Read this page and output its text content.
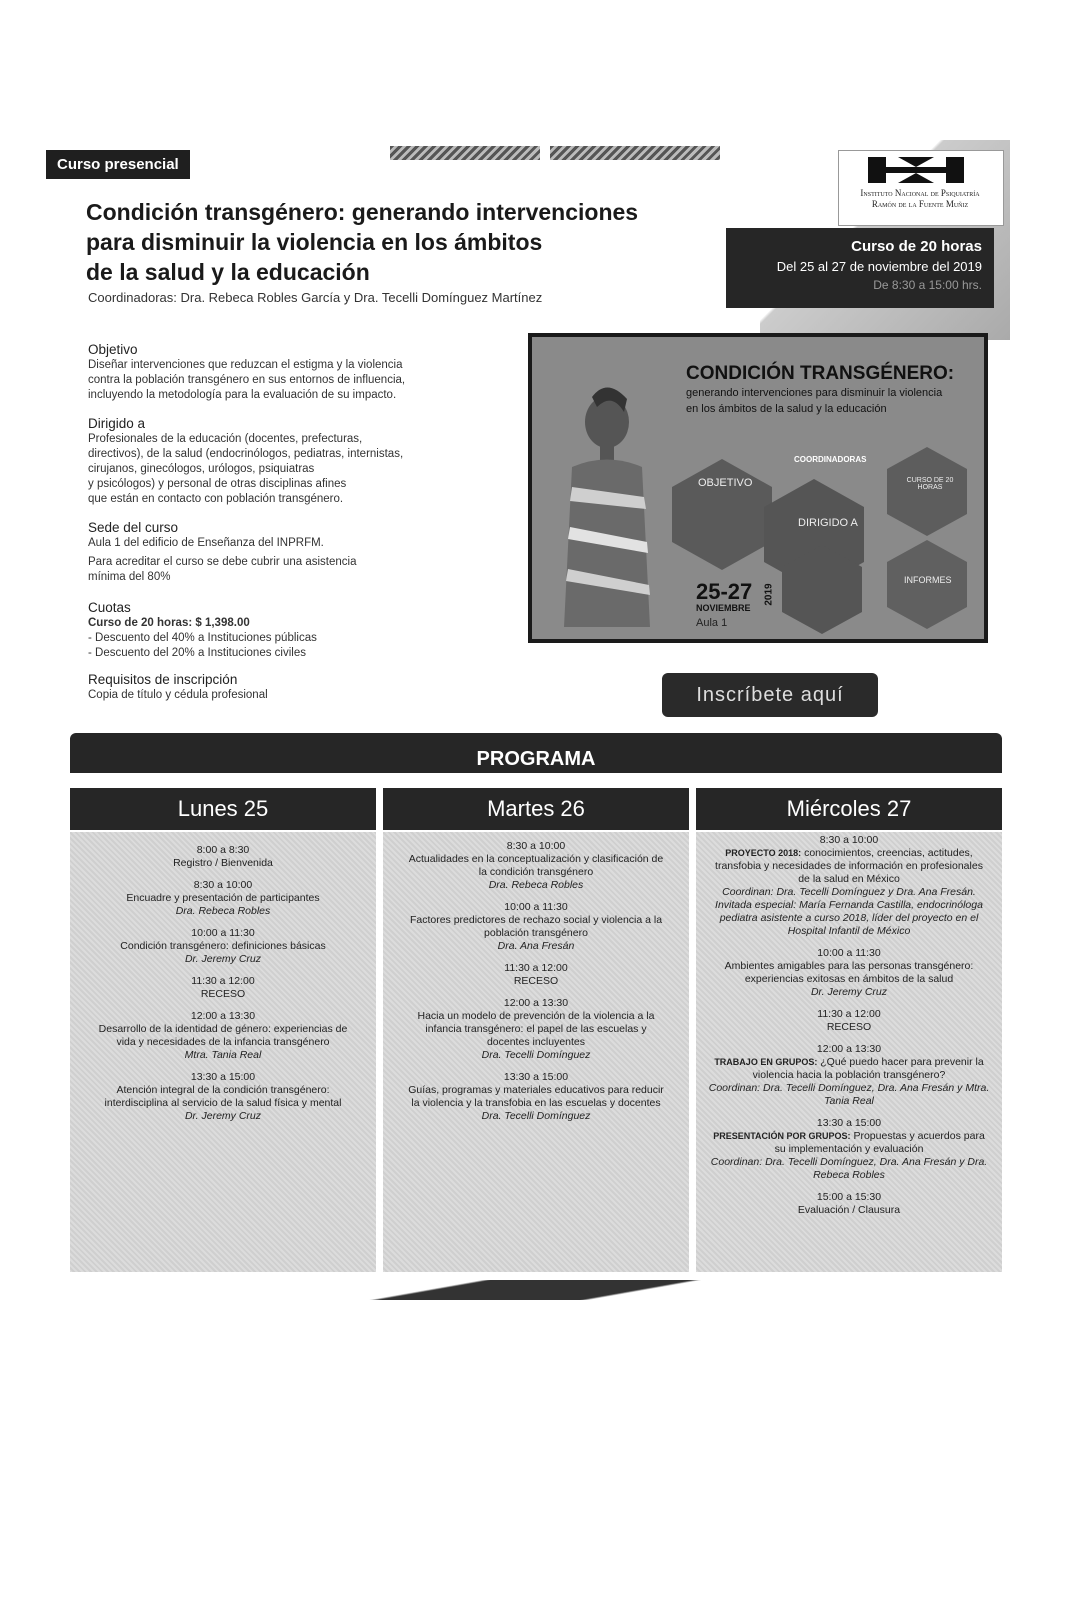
Curso presencial
Condición transgénero: generando intervenciones
para disminuir la violencia en los ámbitos
de la salud y la educación
Coordinadoras: Dra. Rebeca Robles García y Dra. Tecelli Domínguez Martínez
Instituto Nacional de Psiquiatría
Ramón de la Fuente Muñiz
Curso de 20 horas
Del 25 al 27 de noviembre del 2019
De 8:30 a 15:00 hrs.
Objetivo
Diseñar intervenciones que reduzcan el estigma y la violencia
contra la población transgénero en sus entornos de influencia,
incluyendo la metodología para la evaluación de su impacto.
Dirigido a
Profesionales de la educación (docentes, prefecturas,
directivos), de la salud (endocrinólogos, pediatras, internistas,
cirujanos, ginecólogos, urólogos, psiquiatras
y psicólogos) y personal de otras disciplinas afines
que están en contacto con población transgénero.
Sede del curso
Aula 1 del edificio de Enseñanza del INPRFM.
Para acreditar el curso se debe cubrir una asistencia
mínima del 80%
Cuotas
Curso de 20 horas: $ 1,398.00
- Descuento del 40% a Instituciones públicas
- Descuento del 20% a Instituciones civiles
Requisitos de inscripción
Copia de título y cédula profesional
CONDICIÓN TRANSGÉNERO:
generando intervenciones para disminuir la violencia
en los ámbitos de la salud y la educación
OBJETIVO
COORDINADORAS
DIRIGIDO A
CURSO DE 20 HORAS
INFORMES
25-27
NOVIEMBRE
Aula 1
2019
Inscríbete aquí
PROGRAMA
Lunes 25	Martes 26	Miércoles 27
8:00 a 8:30
Registro / Bienvenida
8:30 a 10:00
Encuadre y presentación de participantes
Dra. Rebeca Robles
10:00 a 11:30
Condición transgénero: definiciones básicas
Dr. Jeremy Cruz
11:30 a 12:00
RECESO
12:00 a 13:30
Desarrollo de la identidad de género: experiencias de vida y necesidades de la infancia transgénero
Mtra. Tania Real
13:30 a 15:00
Atención integral de la condición transgénero: interdisciplina al servicio de la salud física y mental
Dr. Jeremy Cruz
8:30 a 10:00
Actualidades en la conceptualización y clasificación de la condición transgénero
Dra. Rebeca Robles
10:00 a 11:30
Factores predictores de rechazo social y violencia a la población transgénero
Dra. Ana Fresán
11:30 a 12:00
RECESO
12:00 a 13:30
Hacia un modelo de prevención de la violencia a la infancia transgénero: el papel de las escuelas y docentes incluyentes
Dra. Tecelli Domínguez
13:30 a 15:00
Guías, programas y materiales educativos para reducir la violencia y la transfobia en las escuelas y docentes
Dra. Tecelli Domínguez
8:30 a 10:00
PROYECTO 2018: conocimientos, creencias, actitudes, transfobia y necesidades de información en profesionales de la salud en México
Coordinan: Dra. Tecelli Domínguez y Dra. Ana Fresán. Invitada especial: María Fernanda Castilla, endocrinóloga pediatra asistente a curso 2018, líder del proyecto en el Hospital Infantil de México
10:00 a 11:30
Ambientes amigables para las personas transgénero: experiencias exitosas en ámbitos de la salud
Dr. Jeremy Cruz
11:30 a 12:00
RECESO
12:00 a 13:30
TRABAJO EN GRUPOS: ¿Qué puedo hacer para prevenir la violencia hacia la población transgénero?
Coordinan: Dra. Tecelli Domínguez, Dra. Ana Fresán y Mtra. Tania Real
13:30 a 15:00
PRESENTACIÓN POR GRUPOS: Propuestas y acuerdos para su implementación y evaluación
Coordinan: Dra. Tecelli Domínguez, Dra. Ana Fresán y Dra. Rebeca Robles
15:00 a 15:30
Evaluación / Clausura
